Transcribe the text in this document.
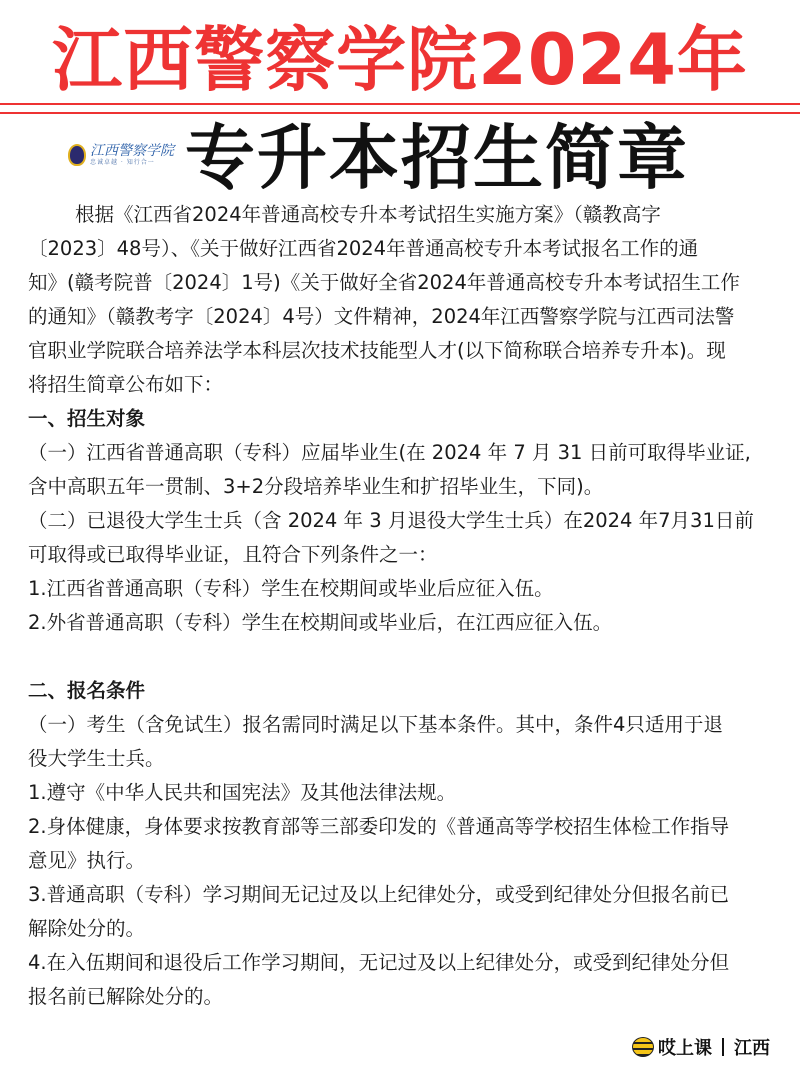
江西警察学院2024年
江西警察学院
忠诚卓越 · 知行合一 专升本招生简章
根据《江西省2024年普通高校专升本考试招生实施方案》（赣教高字
〔2023〕48号）、《关于做好江西省2024年普通高校专升本考试报名工作的通
知》(赣考院普〔2024〕1号)《关于做好全省2024年普通高校专升本考试招生工作
的通知》（赣教考字〔2024〕4号）文件精神，2024年江西警察学院与江西司法警
官职业学院联合培养法学本科层次技术技能型人才(以下简称联合培养专升本)。现
将招生简章公布如下：
一、招生对象
（一）江西省普通高职（专科）应届毕业生(在 2024 年 7 月 31 日前可取得毕业证,
含中高职五年一贯制、3+2分段培养毕业生和扩招毕业生，下同)。
（二）已退役大学生士兵（含 2024 年 3 月退役大学生士兵）在2024 年7月31日前
可取得或已取得毕业证，且符合下列条件之一：
1.江西省普通高职（专科）学生在校期间或毕业后应征入伍。
2.外省普通高职（专科）学生在校期间或毕业后，在江西应征入伍。
二、报名条件
（一）考生（含免试生）报名需同时满足以下基本条件。其中，条件4只适用于退
役大学生士兵。
1.遵守《中华人民共和国宪法》及其他法律法规。
2.身体健康，身体要求按教育部等三部委印发的《普通高等学校招生体检工作指导
意见》执行。
3.普通高职（专科）学习期间无记过及以上纪律处分，或受到纪律处分但报名前已
解除处分的。
4.在入伍期间和退役后工作学习期间，无记过及以上纪律处分，或受到纪律处分但
报名前已解除处分的。
哎上课 江西
